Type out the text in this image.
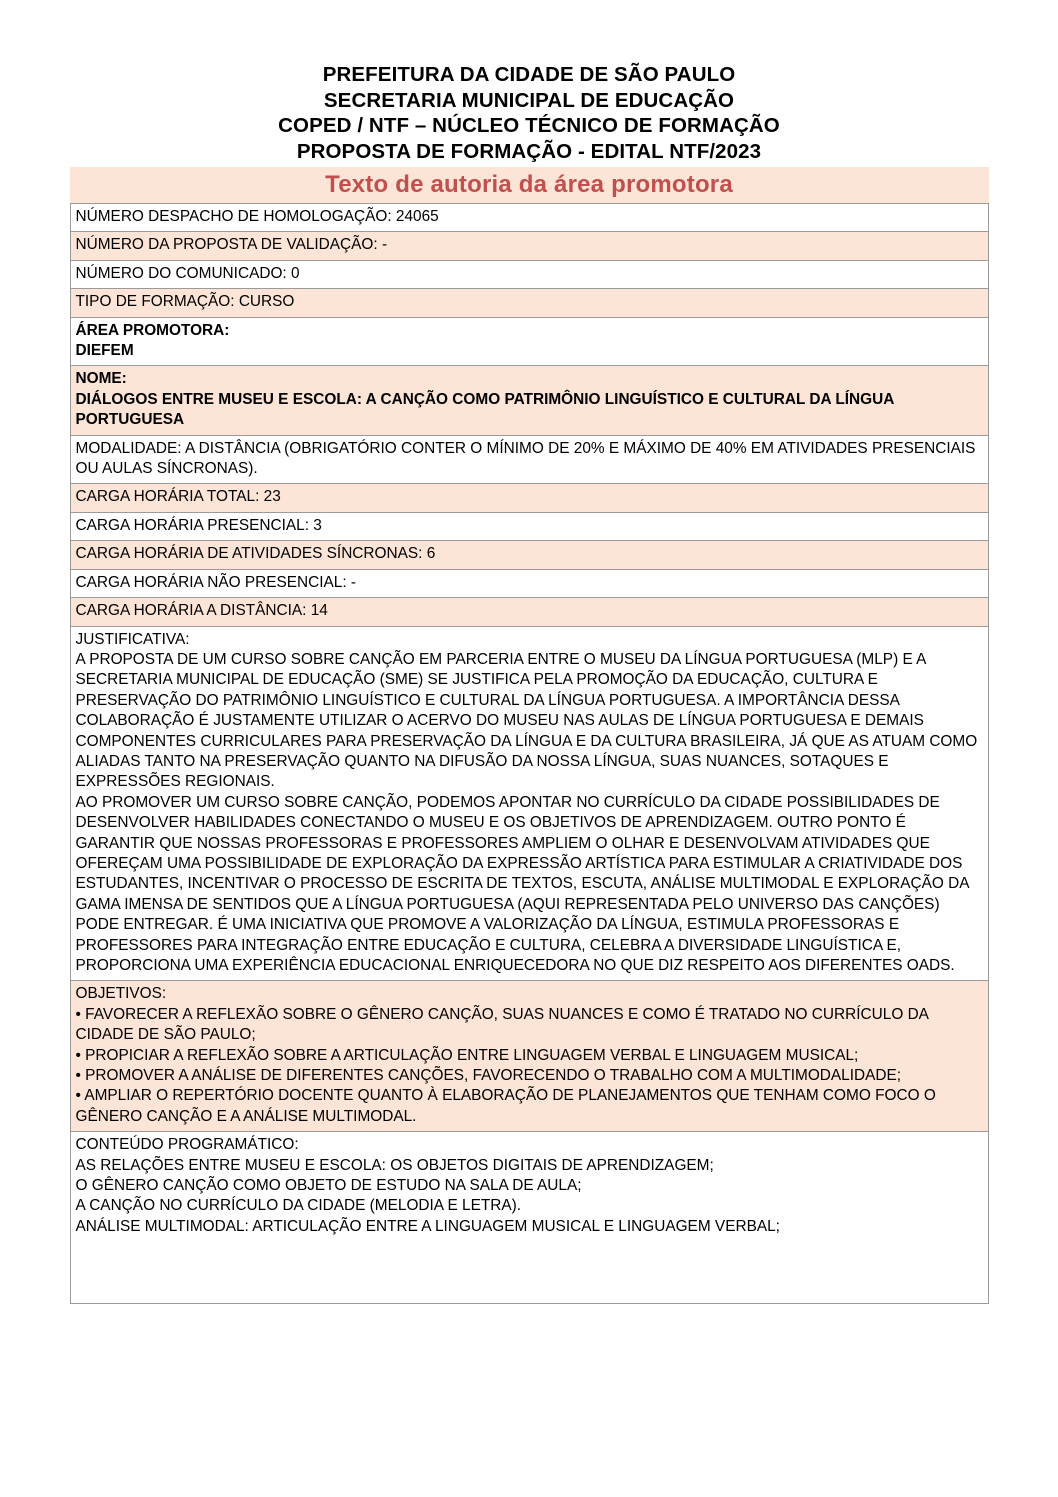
PREFEITURA DA CIDADE DE SÃO PAULO
SECRETARIA MUNICIPAL DE EDUCAÇÃO
COPED / NTF – NÚCLEO TÉCNICO DE FORMAÇÃO
PROPOSTA DE FORMAÇÃO - EDITAL NTF/2023
Texto de autoria da área promotora
NÚMERO DESPACHO DE HOMOLOGAÇÃO: 24065
NÚMERO DA PROPOSTA DE VALIDAÇÃO: -
NÚMERO DO COMUNICADO: 0
TIPO DE FORMAÇÃO: CURSO

ÁREA PROMOTORA:
DIEFEM

NOME:
DIÁLOGOS ENTRE MUSEU E ESCOLA: A CANÇÃO COMO PATRIMÔNIO LINGUÍSTICO E CULTURAL DA LÍNGUA PORTUGUESA

MODALIDADE: A DISTÂNCIA (OBRIGATÓRIO CONTER O MÍNIMO DE 20% E MÁXIMO DE 40% EM ATIVIDADES PRESENCIAIS OU AULAS SÍNCRONAS).
CARGA HORÁRIA TOTAL: 23
CARGA HORÁRIA PRESENCIAL: 3
CARGA HORÁRIA DE ATIVIDADES SÍNCRONAS: 6
CARGA HORÁRIA NÃO PRESENCIAL: -
CARGA HORÁRIA A DISTÂNCIA: 14

JUSTIFICATIVA:
A PROPOSTA DE UM CURSO SOBRE CANÇÃO EM PARCERIA ENTRE O MUSEU DA LÍNGUA PORTUGUESA (MLP) E A SECRETARIA MUNICIPAL DE EDUCAÇÃO (SME) SE JUSTIFICA PELA PROMOÇÃO DA EDUCAÇÃO, CULTURA E PRESERVAÇÃO DO PATRIMÔNIO LINGUÍSTICO E CULTURAL DA LÍNGUA PORTUGUESA. A IMPORTÂNCIA DESSA COLABORAÇÃO É JUSTAMENTE UTILIZAR O ACERVO DO MUSEU NAS AULAS DE LÍNGUA PORTUGUESA E DEMAIS COMPONENTES CURRICULARES PARA PRESERVAÇÃO DA LÍNGUA E DA CULTURA BRASILEIRA, JÁ QUE AS ATUAM COMO ALIADAS TANTO NA PRESERVAÇÃO QUANTO NA DIFUSÃO DA NOSSA LÍNGUA, SUAS NUANCES, SOTAQUES E EXPRESSÕES REGIONAIS.
AO PROMOVER UM CURSO SOBRE CANÇÃO, PODEMOS APONTAR NO CURRÍCULO DA CIDADE POSSIBILIDADES DE DESENVOLVER HABILIDADES CONECTANDO O MUSEU E OS OBJETIVOS DE APRENDIZAGEM. OUTRO PONTO É GARANTIR QUE NOSSAS PROFESSORAS E PROFESSORES AMPLIEM O OLHAR E DESENVOLVAM ATIVIDADES QUE OFEREÇAM UMA POSSIBILIDADE DE EXPLORAÇÃO DA EXPRESSÃO ARTÍSTICA PARA ESTIMULAR A CRIATIVIDADE DOS ESTUDANTES, INCENTIVAR O PROCESSO DE ESCRITA DE TEXTOS, ESCUTA, ANÁLISE MULTIMODAL E EXPLORAÇÃO DA GAMA IMENSA DE SENTIDOS QUE A LÍNGUA PORTUGUESA (AQUI REPRESENTADA PELO UNIVERSO DAS CANÇÕES) PODE ENTREGAR. É UMA INICIATIVA QUE PROMOVE A VALORIZAÇÃO DA LÍNGUA, ESTIMULA PROFESSORAS E PROFESSORES PARA INTEGRAÇÃO ENTRE EDUCAÇÃO E CULTURA, CELEBRA A DIVERSIDADE LINGUÍSTICA E, PROPORCIONA UMA EXPERIÊNCIA EDUCACIONAL ENRIQUECEDORA NO QUE DIZ RESPEITO AOS DIFERENTES OADS.

OBJETIVOS:
• FAVORECER A REFLEXÃO SOBRE O GÊNERO CANÇÃO, SUAS NUANCES E COMO É TRATADO NO CURRÍCULO DA CIDADE DE SÃO PAULO;
• PROPICIAR A REFLEXÃO SOBRE A ARTICULAÇÃO ENTRE LINGUAGEM VERBAL E LINGUAGEM MUSICAL;
• PROMOVER A ANÁLISE DE DIFERENTES CANÇÕES, FAVORECENDO O TRABALHO COM A MULTIMODALIDADE;
• AMPLIAR O REPERTÓRIO DOCENTE QUANTO À ELABORAÇÃO DE PLANEJAMENTOS QUE TENHAM COMO FOCO O GÊNERO CANÇÃO E A ANÁLISE MULTIMODAL.

CONTEÚDO PROGRAMÁTICO:
AS RELAÇÕES ENTRE MUSEU E ESCOLA: OS OBJETOS DIGITAIS DE APRENDIZAGEM;
O GÊNERO CANÇÃO COMO OBJETO DE ESTUDO NA SALA DE AULA;
A CANÇÃO NO CURRÍCULO DA CIDADE (MELODIA E LETRA).
ANÁLISE MULTIMODAL: ARTICULAÇÃO ENTRE A LINGUAGEM MUSICAL E LINGUAGEM VERBAL;
